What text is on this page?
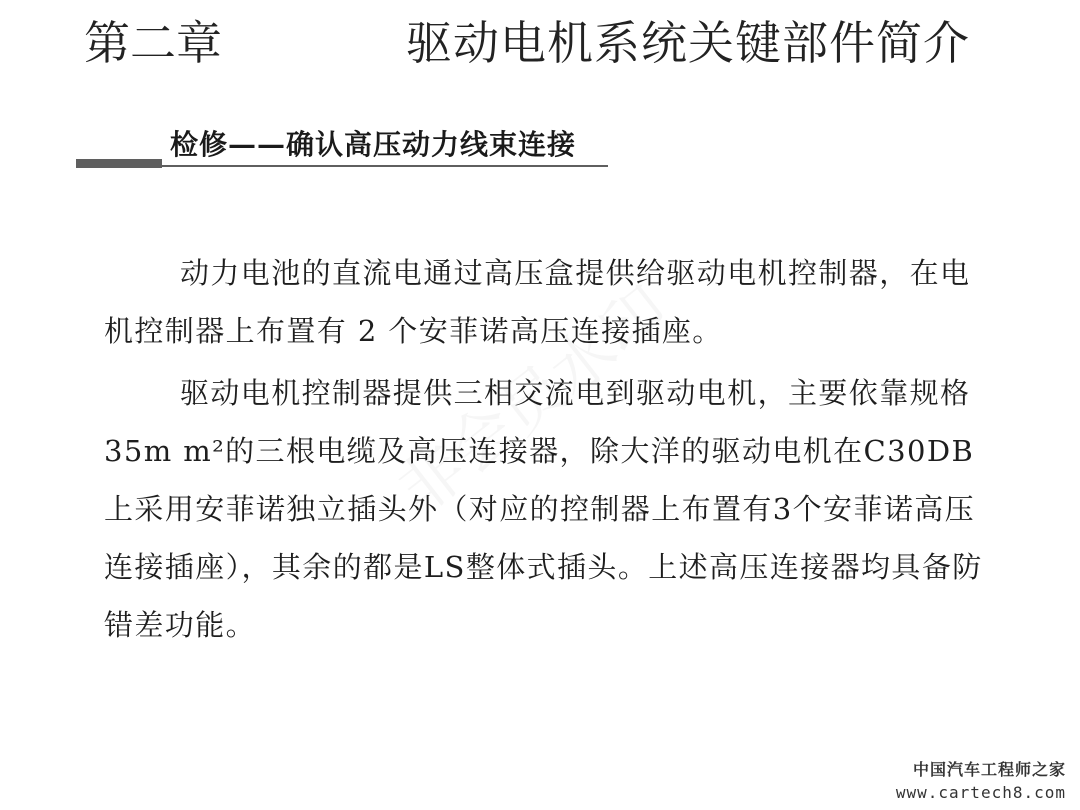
第二章	驱动电机系统关键部件简介
检修——确认高压动力线束连接

动力电池的直流电通过高压盒提供给驱动电机控制器，在电机控制器上布置有 2 个安菲诺高压连接插座。

驱动电机控制器提供三相交流电到驱动电机，主要依靠规格 35m m²的三根电缆及高压连接器，除大洋的驱动电机在C30DB上采用安菲诺独立插头外（对应的控制器上布置有3个安菲诺高压连接插座），其余的都是LS整体式插头。上述高压连接器均具备防错差功能。

中国汽车工程师之家
www.cartech8.com
